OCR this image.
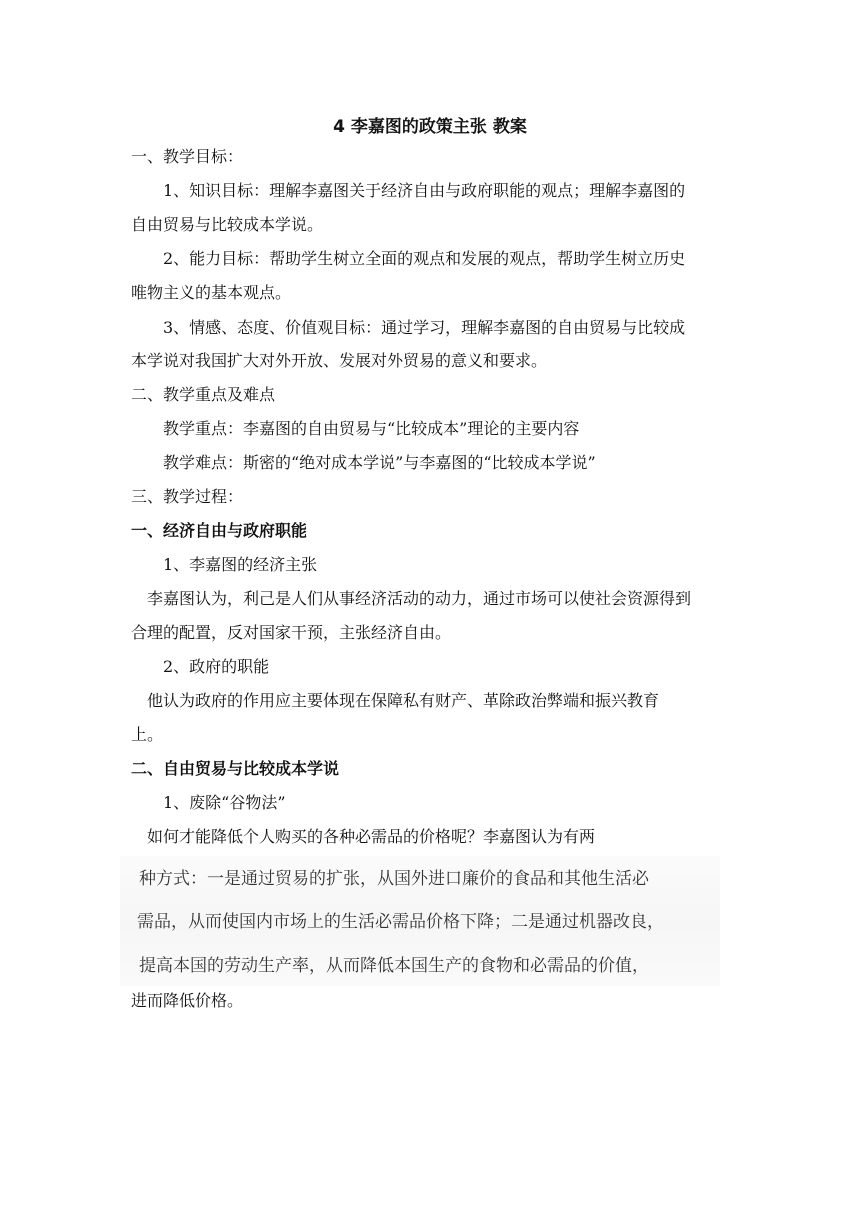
4 李嘉图的政策主张 教案
一、教学目标：
1、知识目标：理解李嘉图关于经济自由与政府职能的观点；理解李嘉图的
自由贸易与比较成本学说。
2、能力目标：帮助学生树立全面的观点和发展的观点，帮助学生树立历史
唯物主义的基本观点。
3、情感、态度、价值观目标：通过学习，理解李嘉图的自由贸易与比较成
本学说对我国扩大对外开放、发展对外贸易的意义和要求。
二、教学重点及难点
教学重点：李嘉图的自由贸易与“比较成本”理论的主要内容
教学难点：斯密的“绝对成本学说”与李嘉图的“比较成本学说”
三、教学过程：
一、经济自由与政府职能
1、李嘉图的经济主张
李嘉图认为，利己是人们从事经济活动的动力，通过市场可以使社会资源得到
合理的配置，反对国家干预，主张经济自由。
2、政府的职能
他认为政府的作用应主要体现在保障私有财产、革除政治弊端和振兴教育
上。
二、自由贸易与比较成本学说
1、废除“谷物法”
如何才能降低个人购买的各种必需品的价格呢？李嘉图认为有两
种方式：一是通过贸易的扩张，从国外进口廉价的食品和其他生活必
需品，从而使国内市场上的生活必需品价格下降；二是通过机器改良，
提高本国的劳动生产率，从而降低本国生产的食物和必需品的价值，
进而降低价格。
